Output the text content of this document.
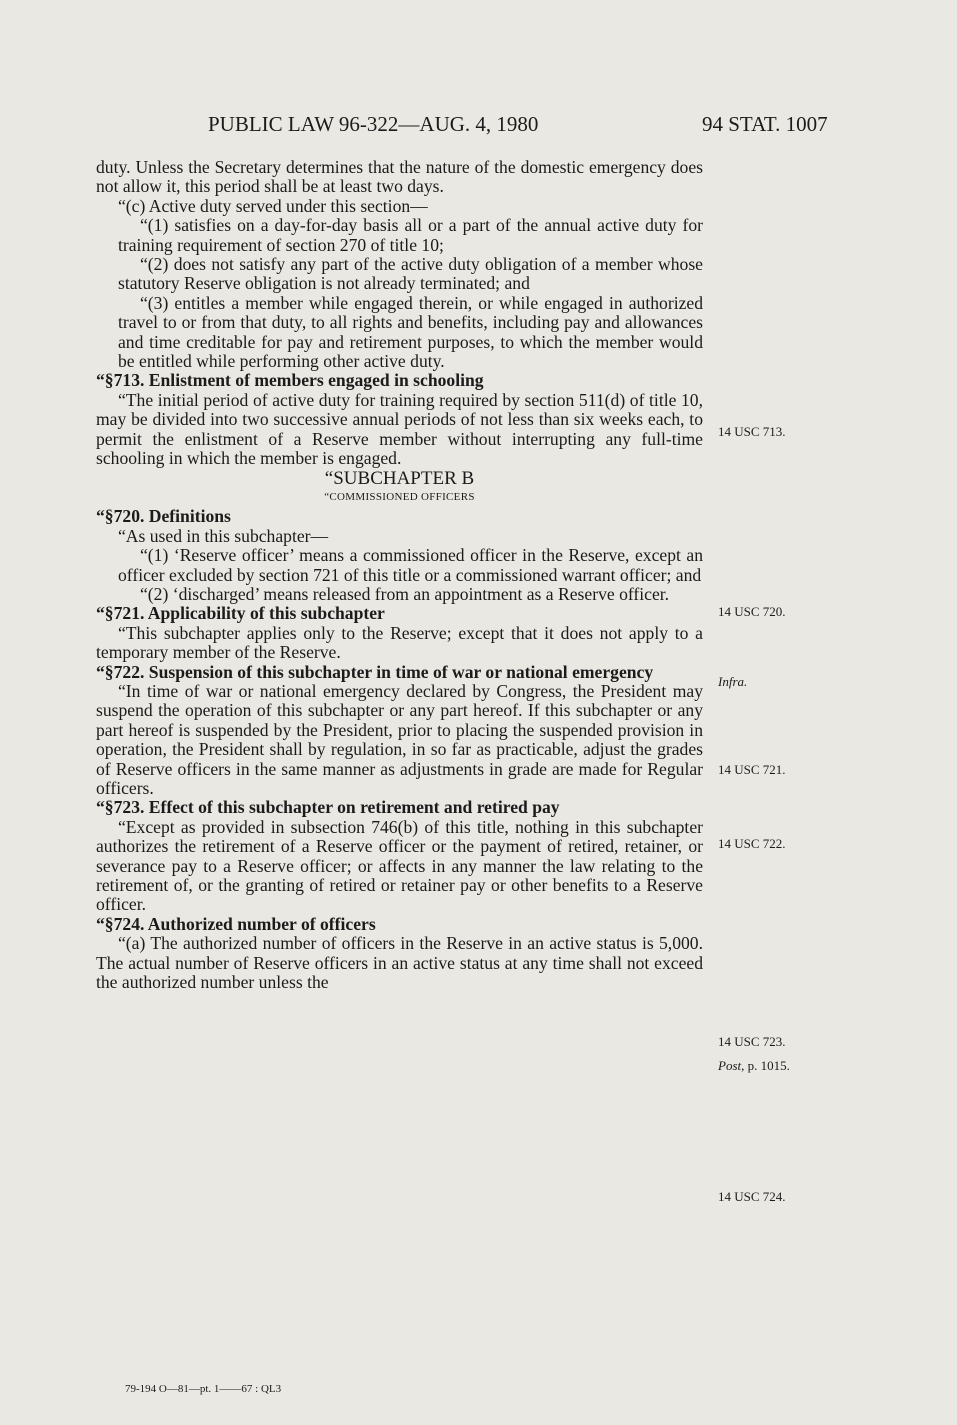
PUBLIC LAW 96-322—AUG. 4, 1980	94 STAT. 1007

duty. Unless the Secretary determines that the nature of the domestic emergency does not allow it, this period shall be at least two days.

“(c) Active duty served under this section—

“(1) satisfies on a day-for-day basis all or a part of the annual active duty for training requirement of section 270 of title 10;

“(2) does not satisfy any part of the active duty obligation of a member whose statutory Reserve obligation is not already terminated; and

“(3) entitles a member while engaged therein, or while engaged in authorized travel to or from that duty, to all rights and benefits, including pay and allowances and time creditable for pay and retirement purposes, to which the member would be entitled while performing other active duty.

“§713. Enlistment of members engaged in schooling

“The initial period of active duty for training required by section 511(d) of title 10, may be divided into two successive annual periods of not less than six weeks each, to permit the enlistment of a Reserve member without interrupting any full-time schooling in which the member is engaged.

“SUBCHAPTER B

“COMMISSIONED OFFICERS

“§720. Definitions

“As used in this subchapter—

“(1) ‘Reserve officer’ means a commissioned officer in the Reserve, except an officer excluded by section 721 of this title or a commissioned warrant officer; and

“(2) ‘discharged’ means released from an appointment as a Reserve officer.

“§721. Applicability of this subchapter

“This subchapter applies only to the Reserve; except that it does not apply to a temporary member of the Reserve.

“§722. Suspension of this subchapter in time of war or national emergency

“In time of war or national emergency declared by Congress, the President may suspend the operation of this subchapter or any part hereof. If this subchapter or any part hereof is suspended by the President, prior to placing the suspended provision in operation, the President shall by regulation, in so far as practicable, adjust the grades of Reserve officers in the same manner as adjustments in grade are made for Regular officers.

“§723. Effect of this subchapter on retirement and retired pay

“Except as provided in subsection 746(b) of this title, nothing in this subchapter authorizes the retirement of a Reserve officer or the payment of retired, retainer, or severance pay to a Reserve officer; or affects in any manner the law relating to the retirement of, or the granting of retired or retainer pay or other benefits to a Reserve officer.

“§724. Authorized number of officers

“(a) The authorized number of officers in the Reserve in an active status is 5,000. The actual number of Reserve officers in an active status at any time shall not exceed the authorized number unless the

14 USC 713.
14 USC 720.
Infra.
14 USC 721.
14 USC 722.
14 USC 723.
Post, p. 1015.
14 USC 724.
79-194 O—81—pt. 1——67 : QL3
